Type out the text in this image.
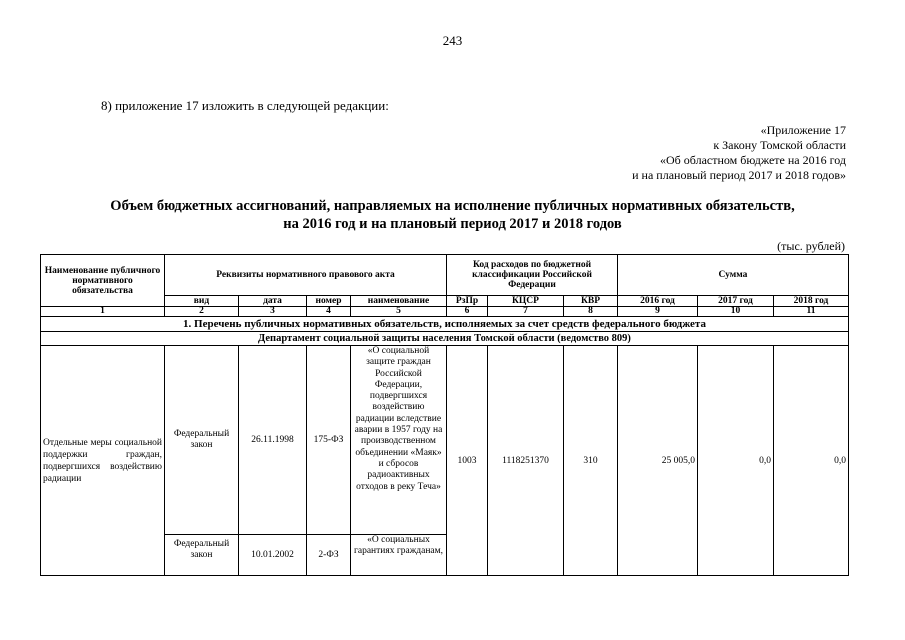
243
8) приложение 17 изложить в следующей редакции:
«Приложение 17
к Закону Томской области
«Об областном бюджете на 2016 год
и на плановый период 2017 и 2018 годов»
Объем бюджетных ассигнований, направляемых на исполнение публичных нормативных обязательств,
на 2016 год и на плановый период 2017 и 2018 годов
(тыс. рублей)
Наименование публичного нормативного обязательства	Реквизиты нормативного правового акта				Код расходов по бюджетной классификации Российской Федерации			Сумма		
	вид	дата	номер	наименование	РзПр	КЦСР	КВР	2016 год	2017 год	2018 год
1	2	3	4	5	6	7	8	9	10	11
1. Перечень публичных нормативных обязательств, исполняемых за счет средств федерального бюджета										
Департамент социальной защиты населения Томской области (ведомство 809)										
Отдельные меры социальной поддержки граждан, подвергшихся воздействию радиации	Федеральный закон	26.11.1998	175-ФЗ	«О социальной защите граждан Российской Федерации, подвергшихся воздействию радиации вследствие аварии в 1957 году на производственном объединении «Маяк» и сбросов радиоактивных отходов в реку Теча»	1003	1118251370	310	25 005,0	0,0	0,0
	Федеральный закон	10.01.2002	2-ФЗ	«О социальных гарантиях гражданам,						
